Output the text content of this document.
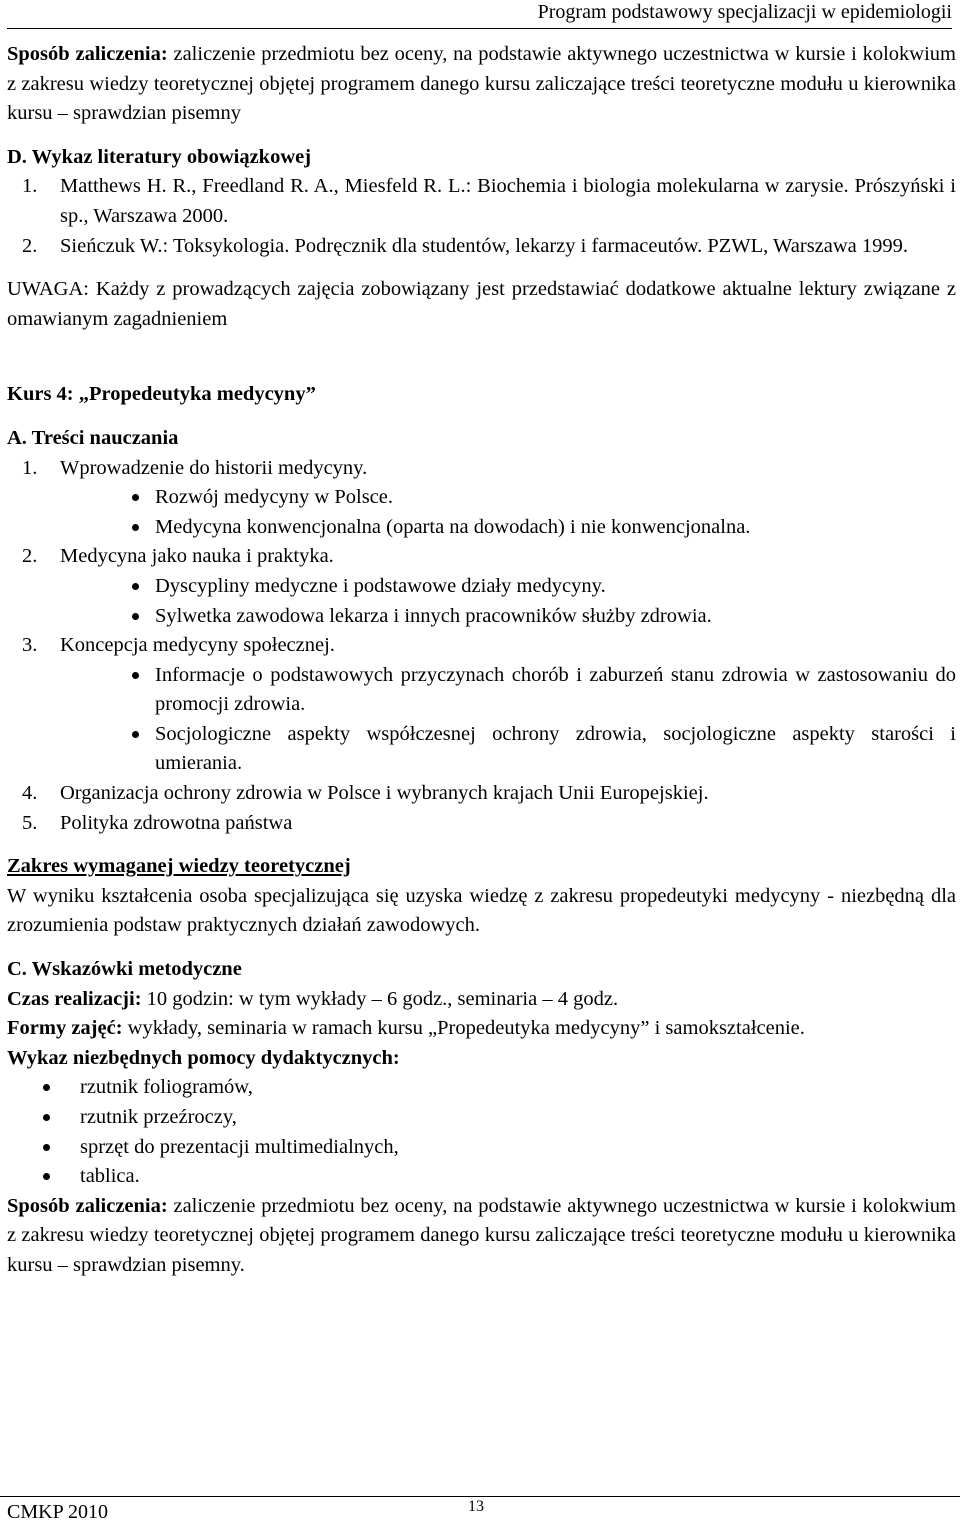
Program podstawowy specjalizacji w epidemiologii

Sposób zaliczenia: zaliczenie przedmiotu bez oceny, na podstawie aktywnego uczestnictwa w kursie i kolokwium z zakresu wiedzy teoretycznej objętej programem danego kursu zaliczające treści teoretyczne modułu u kierownika kursu – sprawdzian pisemny

D. Wykaz literatury obowiązkowej

1.	Matthews H. R., Freedland R. A., Miesfeld R. L.: Biochemia i biologia molekularna w zarysie. Prószyński i sp., Warszawa 2000.
2.	Sieńczuk W.: Toksykologia. Podręcznik dla studentów, lekarzy i farmaceutów. PZWL, Warszawa 1999.

UWAGA: Każdy z prowadzących zajęcia zobowiązany jest przedstawiać dodatkowe aktualne lektury związane z omawianym zagadnieniem

Kurs 4: „Propedeutyka medycyny”

A. Treści nauczania

1.	Wprowadzenie do historii medycyny.
Rozwój medycyny w Polsce.
Medycyna konwencjonalna (oparta na dowodach) i nie konwencjonalna.
2.	Medycyna jako nauka i praktyka.
Dyscypliny medyczne i podstawowe działy medycyny.
Sylwetka zawodowa lekarza i innych pracowników służby zdrowia.
3.	Koncepcja medycyny społecznej.
Informacje o podstawowych przyczynach chorób i zaburzeń stanu zdrowia w zastosowaniu do promocji zdrowia.
Socjologiczne aspekty współczesnej ochrony zdrowia, socjologiczne aspekty starości i umierania.
4.	Organizacja ochrony zdrowia w Polsce i wybranych krajach Unii Europejskiej.
5.	Polityka zdrowotna państwa

Zakres wymaganej wiedzy teoretycznej

W wyniku kształcenia osoba specjalizująca się uzyska wiedzę z zakresu propedeutyki medycyny - niezbędną dla zrozumienia podstaw praktycznych działań zawodowych.

C. Wskazówki metodyczne

Czas realizacji: 10 godzin: w tym wykłady – 6 godz., seminaria – 4 godz.

Formy zajęć: wykłady, seminaria w ramach kursu „Propedeutyka medycyny” i samokształcenie.

Wykaz niezbędnych pomocy dydaktycznych:

rzutnik foliogramów,
rzutnik przeźroczy,
sprzęt do prezentacji multimedialnych,
tablica.

Sposób zaliczenia: zaliczenie przedmiotu bez oceny, na podstawie aktywnego uczestnictwa w kursie i kolokwium z zakresu wiedzy teoretycznej objętej programem danego kursu zaliczające treści teoretyczne modułu u kierownika kursu – sprawdzian pisemny.

CMKP 2010	13
